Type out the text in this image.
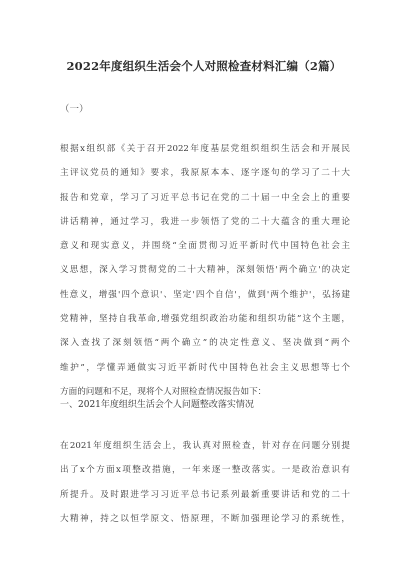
2022年度组织生活会个人对照检查材料汇编（2篇）
（一）
根据x组织部《关于召开2022年度基层党组织组织生活会和开展民
主评议党员的通知》要求，我原原本本、逐字逐句的学习了二十大
报告和党章，学习了习近平总书记在党的二十届一中全会上的重要
讲话精神，通过学习，我进一步领悟了党的二十大蕴含的重大理论
意义和现实意义，并围绕“全面贯彻习近平新时代中国特色社会主
义思想，深入学习贯彻党的二十大精神，深刻领悟'两个确立'的决定
性意义，增强'四个意识'、坚定'四个自信'，做到'两个维护'，弘扬建
党精神，坚持自我革命,增强党组织政治功能和组织功能”这个主题，
深入查找了深刻领悟“两个确立”的决定性意义、坚决做到“两个
维护”，学懂弄通做实习近平新时代中国特色社会主义思想等七个
方面的问题和不足，现将个人对照检查情况报告如下：
一、2021年度组织生活会个人问题整改落实情况
在2021年度组织生活会上，我认真对照检查，针对存在问题分别提
出了x个方面x项整改措施，一年来逐一整改落实。一是政治意识有
所提升。及时跟进学习习近平总书记系列最新重要讲话和党的二十
大精神，持之以恒学原文、悟原理，不断加强理论学习的系统性，
